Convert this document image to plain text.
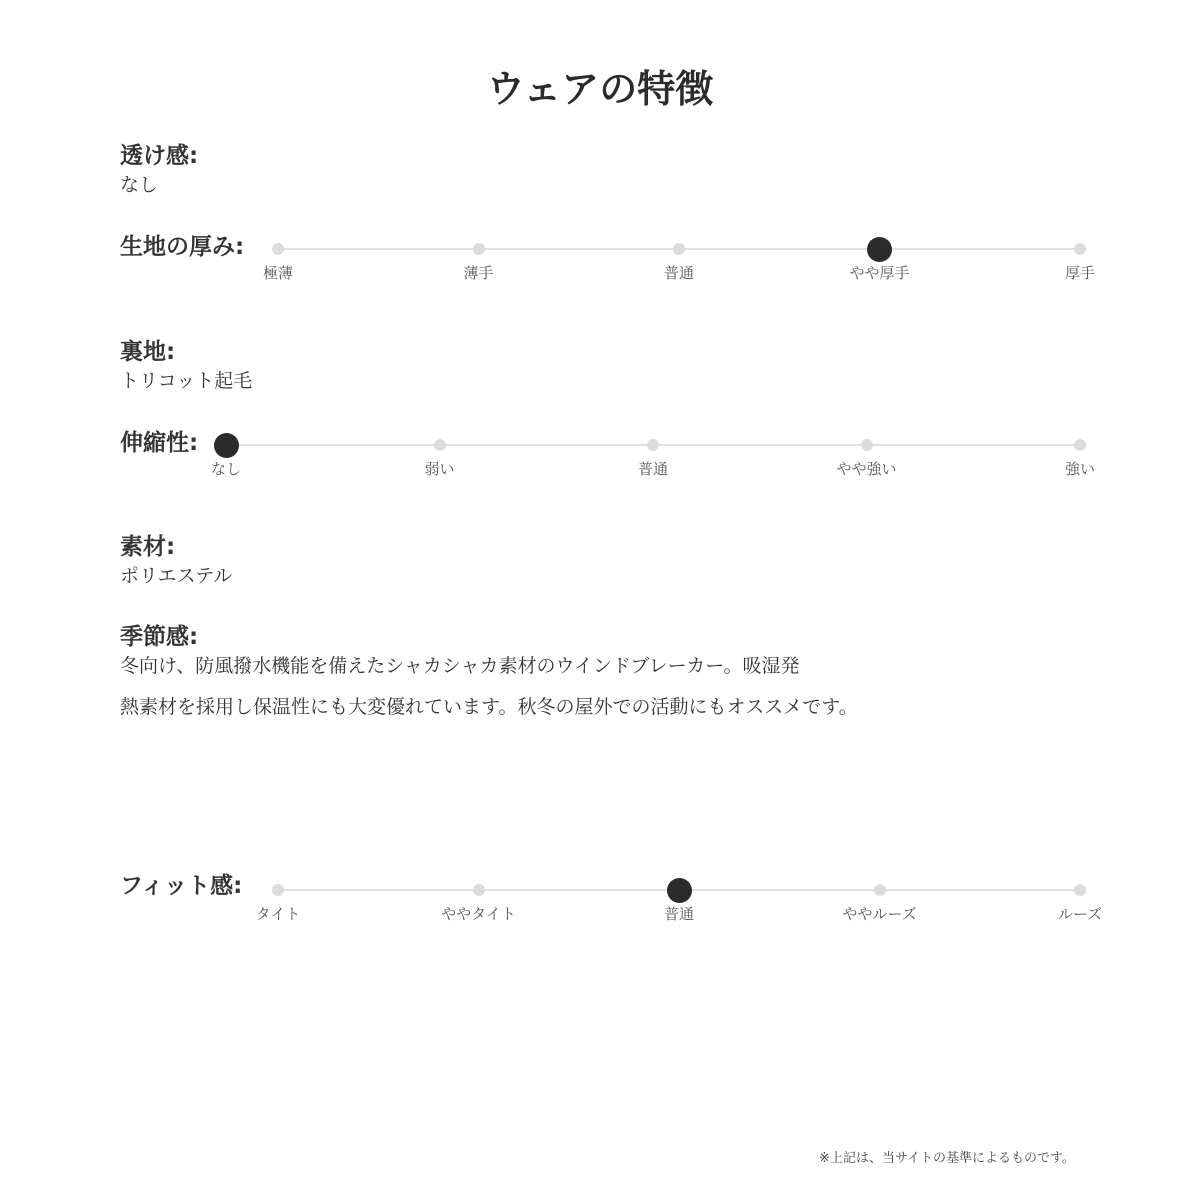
ウェアの特徴
透け感:
なし
生地の厚み:
極薄	薄手	普通	やや厚手	厚手
裏地:
トリコット起毛
伸縮性:
なし	弱い	普通	やや強い	強い
素材:
ポリエステル
季節感:
冬向け、防風撥水機能を備えたシャカシャカ素材のウインドブレーカー。吸湿発
熱素材を採用し保温性にも大変優れています。秋冬の屋外での活動にもオススメです。
フィット感:
タイト	ややタイト	普通	ややルーズ	ルーズ
※上記は、当サイトの基準によるものです。
